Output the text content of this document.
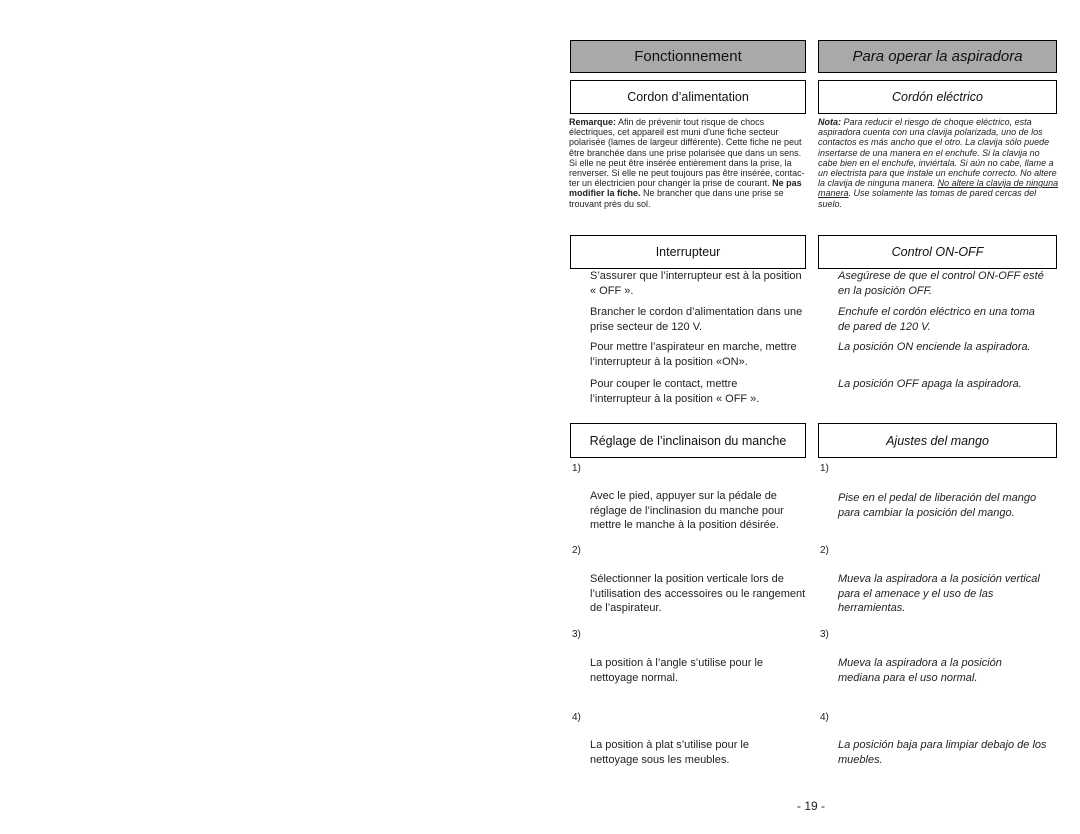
Fonctionnement
Cordon d’alimentation

Remarque: Afin de prévenir tout risque de chocs électriques, cet appareil est muni d'une fiche secteur polarisée (lames de largeur différente). Cette fiche ne peut être branchée dans une prise polarisée que dans un sens. Si elle ne peut être insérée entièrement dans la prise, la renverser. Si elle ne peut toujours pas être insérée, contac-ter un électricien pour changer la prise de courant. Ne pas modifier la fiche. Ne brancher que dans une prise se trouvant près du sol.

Interrupteur

S’assurer que l’interrupteur est à la position « OFF ».

Brancher le cordon d’alimentation dans une prise secteur de 120 V.

Pour mettre l’aspirateur en marche, mettre l’interrupteur à la position «ON».

Pour couper le contact, mettre l’interrupteur à la position « OFF ».

Réglage de l’inclinaison du manche
1)

Avec le pied, appuyer sur la pédale de réglage de l’inclinasion du manche pour mettre le manche à la position désirée.

2)

Sélectionner la position verticale lors de l’utilisation des accessoires ou le rangement de l’aspirateur.

3)

La position à l’angle s’utilise pour le nettoyage normal.

4)

La position à plat s’utilise pour le nettoyage sous les meubles.

Para operar la aspiradora
Cordón eléctrico

Nota: Para reducir el riesgo de choque eléctrico, esta aspiradora cuenta con una clavija polarizada, uno de los contactos es más ancho que el otro. La clavija sólo puede insertarse de una manera en el enchufe. Si la clavija no cabe bien en el enchufe, inviértala. Si aún no cabe, llame a un electrista para que instale un enchufe correcto. No altere la clavija de ninguna manera. No altere la clavija de ninguna manera. Use solamente las tomas de pared cercas del suelo.

Control ON-OFF

Asegúrese de que el control ON-OFF esté en la posición OFF.

Enchufe el cordón eléctrico en una toma de pared de 120 V.

La posición ON enciende la aspiradora.

La posición OFF apaga la aspiradora.

Ajustes del mango
1)

Pise en el pedal de liberación del mango para cambiar la posición del mango.

2)

Mueva la aspiradora a la posición vertical para el amenace y el uso de las herramientas.

3)

Mueva la aspiradora a la posición mediana para el uso normal.

4)

La posición baja para limpiar debajo de los muebles.

- 19 -
